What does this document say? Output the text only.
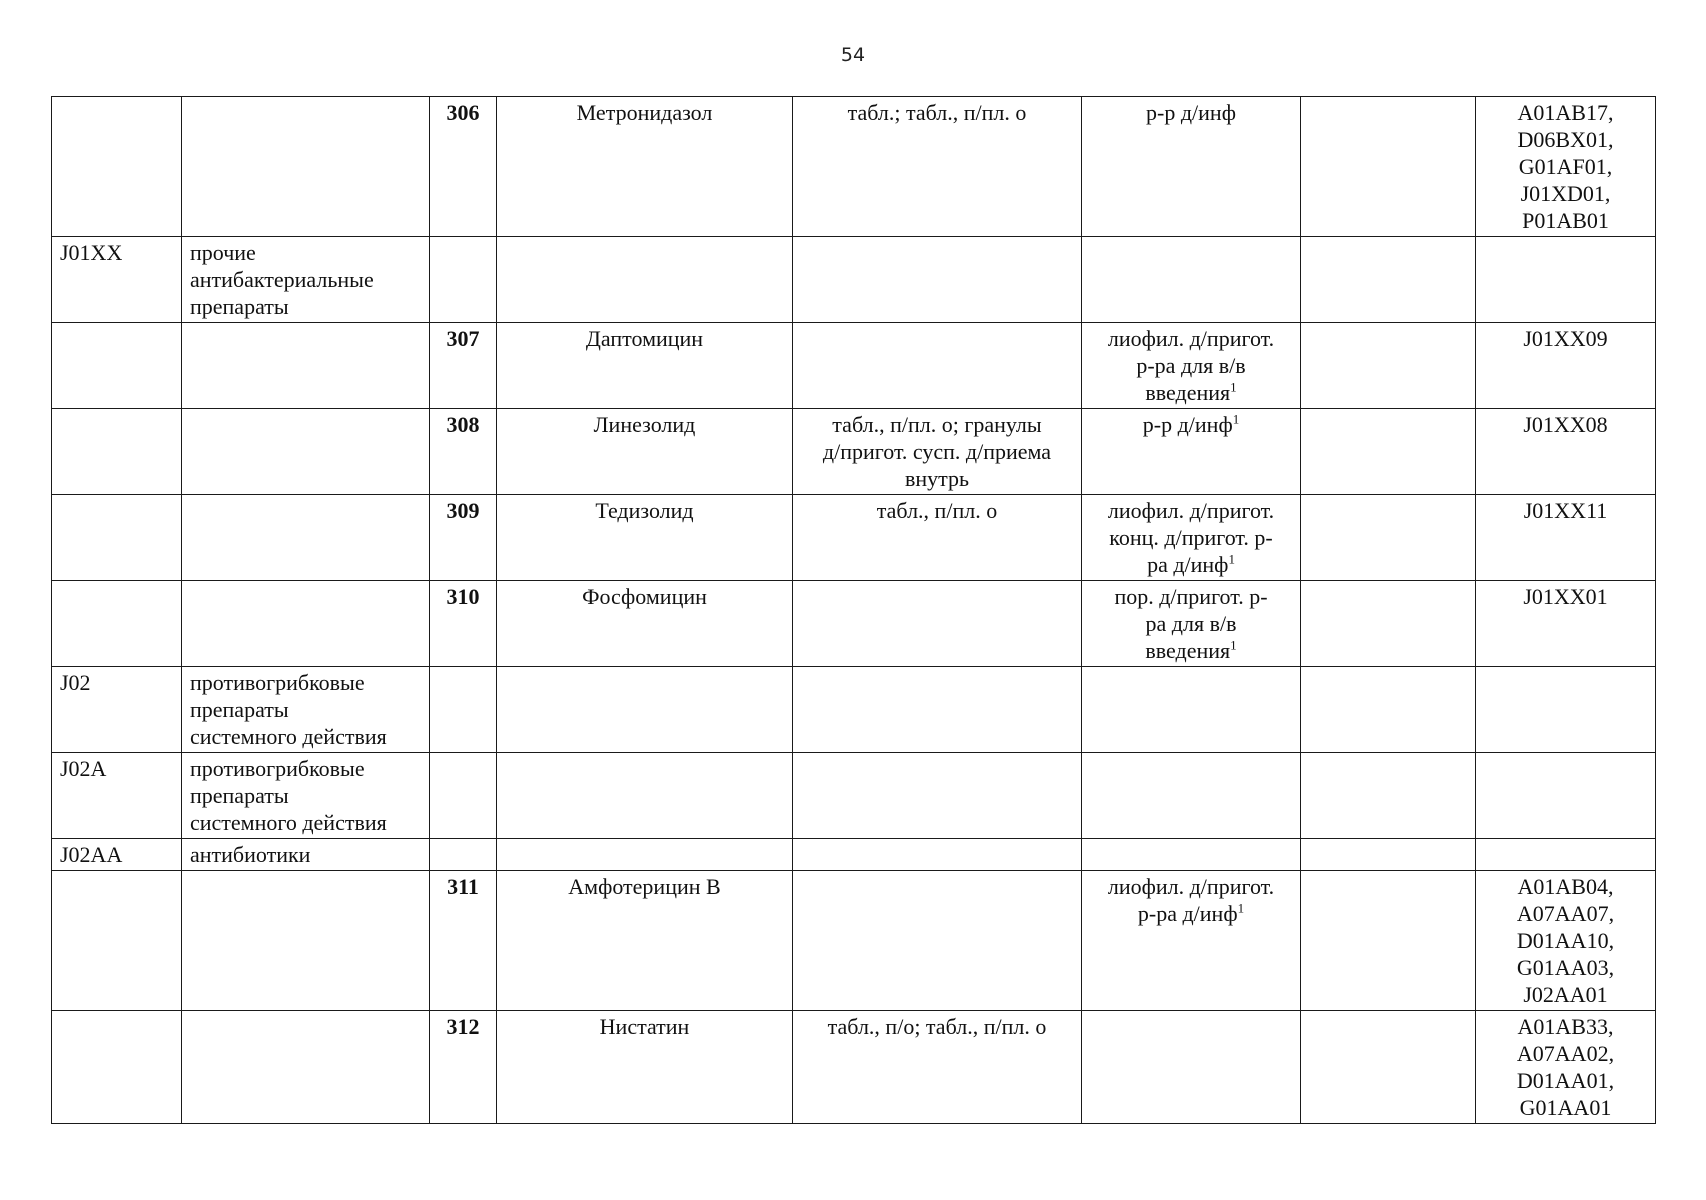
54

		306	Метронидазол	табл.; табл., п/пл. о	р-р д/инф		A01AB17,
D06BX01,
G01AF01,
J01XD01,
P01AB01

J01XX	прочие
антибактериальные
препараты						

		307	Даптомицин		лиофил. д/пригот.
р-ра для в/в
введения$^1$		J01XX09

		308	Линезолид	табл., п/пл. о; гранулы
д/пригот. сусп. д/приема
внутрь	р-р д/инф$^1$		J01XX08

		309	Тедизолид	табл., п/пл. о	лиофил. д/пригот.
конц. д/пригот. р-
ра д/инф$^1$		J01XX11

		310	Фосфомицин		пор. д/пригот. р-
ра для в/в
введения$^1$		J01XX01

J02	противогрибковые
препараты
системного действия						

J02A	противогрибковые
препараты
системного действия						

J02AA	антибиотики						

		311	Амфотерицин В		лиофил. д/пригот.
р-ра д/инф$^1$		A01AB04,
A07AA07,
D01AA10,
G01AA03,
J02AA01

		312	Нистатин	табл., п/о; табл., п/пл. о			A01AB33,
A07AA02,
D01AA01,
G01AA01
